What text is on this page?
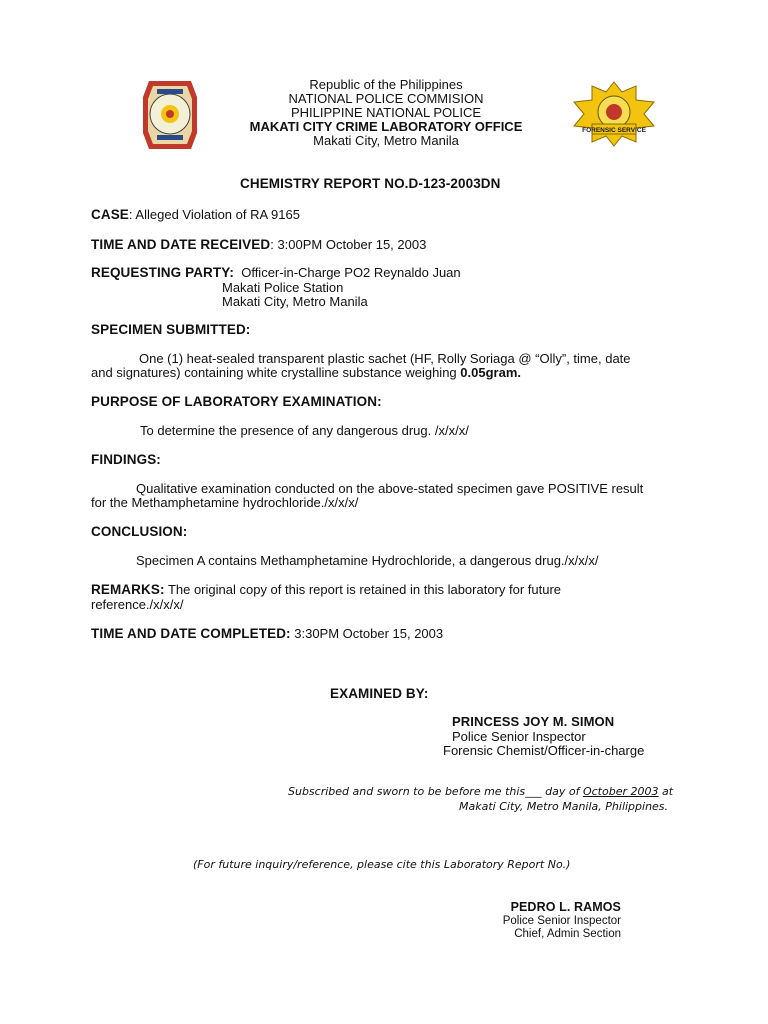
Republic of the Philippines
NATIONAL POLICE COMMISION
PHILIPPINE NATIONAL POLICE
MAKATI CITY CRIME LABORATORY OFFICE
Makati City, Metro Manila
FORENSIC SERVICE
CHEMISTRY REPORT NO.D-123-2003DN
CASE: Alleged Violation of RA 9165
TIME AND DATE RECEIVED: 3:00PM October 15, 2003
REQUESTING PARTY: Officer-in-Charge PO2 Reynaldo Juan
Makati Police Station
Makati City, Metro Manila
SPECIMEN SUBMITTED:
One (1) heat-sealed transparent plastic sachet (HF, Rolly Soriaga @ “Olly”, time, date
and signatures) containing white crystalline substance weighing 0.05gram.
PURPOSE OF LABORATORY EXAMINATION:
To determine the presence of any dangerous drug. /x/x/x/
FINDINGS:
Qualitative examination conducted on the above-stated specimen gave POSITIVE result
for the Methamphetamine hydrochloride./x/x/x/
CONCLUSION:
Specimen A contains Methamphetamine Hydrochloride, a dangerous drug./x/x/x/
REMARKS: The original copy of this report is retained in this laboratory for future
reference./x/x/x/
TIME AND DATE COMPLETED: 3:30PM October 15, 2003
EXAMINED BY:
PRINCESS JOY M. SIMON
Police Senior Inspector
Forensic Chemist/Officer-in-charge
Subscribed and sworn to be before me this___ day of October 2003 at
Makati City, Metro Manila, Philippines.
(For future inquiry/reference, please cite this Laboratory Report No.)
PEDRO L. RAMOS
Police Senior Inspector
Chief, Admin Section
